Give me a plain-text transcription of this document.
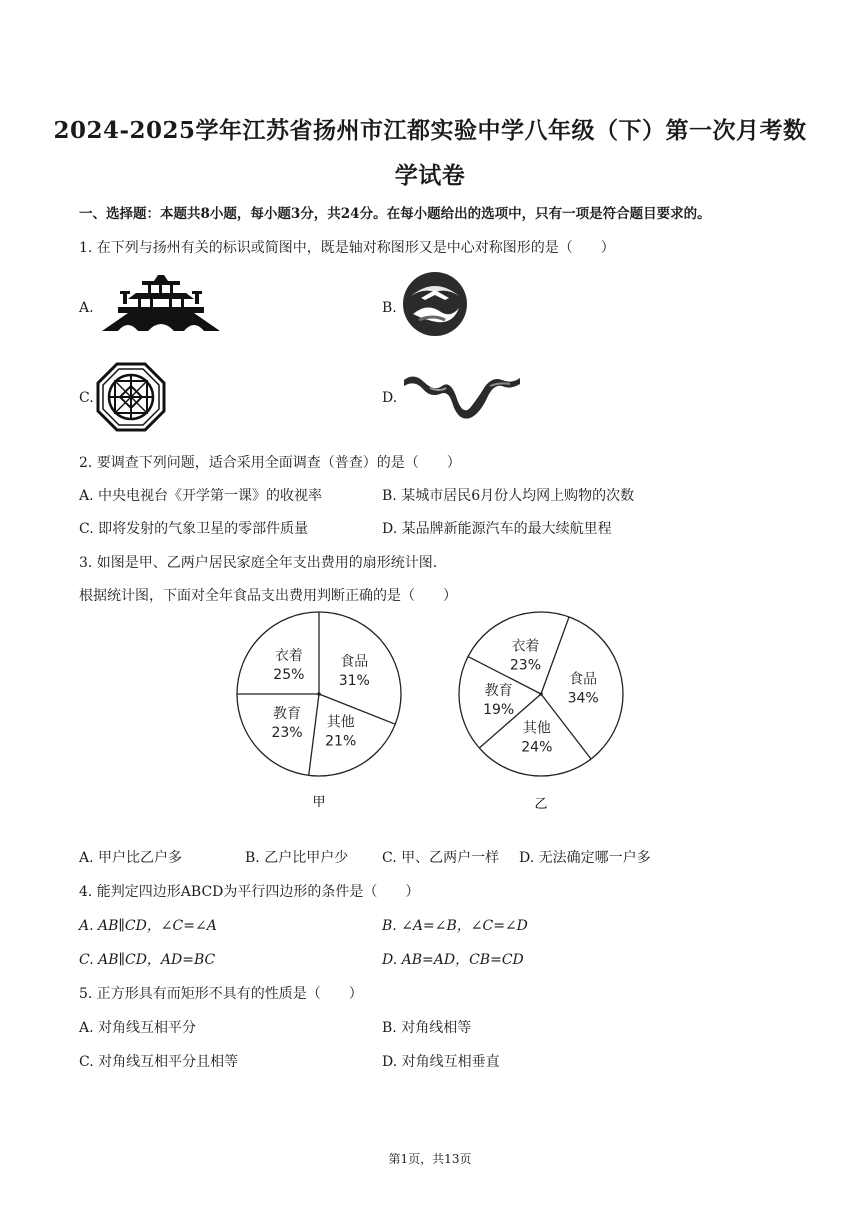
2024-2025学年江苏省扬州市江都实验中学八年级（下）第一次月考数
学试卷
一、选择题：本题共8小题，每小题3分，共24分。在每小题给出的选项中，只有一项是符合题目要求的。
1. 在下列与扬州有关的标识或简图中，既是轴对称图形又是中心对称图形的是（　　）
A.	B.
C.	D.
2. 要调查下列问题，适合采用全面调查（普查）的是（　　）
A. 中央电视台《开学第一课》的收视率	B. 某城市居民6月份人均网上购物的次数
C. 即将发射的气象卫星的零部件质量	D. 某品牌新能源汽车的最大续航里程
3. 如图是甲、乙两户居民家庭全年支出费用的扇形统计图.
根据统计图，下面对全年食品支出费用判断正确的是（　　）
食品
31%
其他
21%
教育
23%
衣着
25%
甲
食品
34%
其他
24%
教育
19%
衣着
23%
乙
A. 甲户比乙户多	B. 乙户比甲户少 C. 甲、乙两户一样 D. 无法确定哪一户多
4. 能判定四边形ABCD为平行四边形的条件是（　　）
A. AB∥CD，∠C=∠A	B. ∠A=∠B，∠C=∠D
C. AB∥CD，AD=BC	D. AB=AD，CB=CD
5. 正方形具有而矩形不具有的性质是（　　）
A. 对角线互相平分	B. 对角线相等
C. 对角线互相平分且相等	D. 对角线互相垂直
第1页，共13页
